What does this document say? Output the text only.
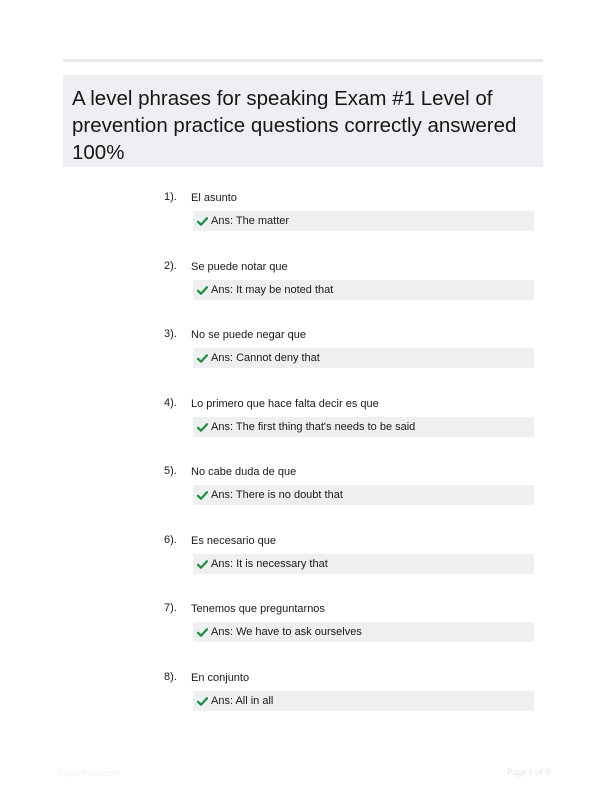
A level phrases for speaking Exam #1 Level of prevention practice questions correctly answered 100%
1). El asunto
Ans: The matter
2). Se puede notar que
Ans: It may be noted that
3). No se puede negar que
Ans: Cannot deny that
4). Lo primero que hace falta decir es que
Ans: The first thing that's needs to be said
5). No cabe duda de que
Ans: There is no doubt that
6). Es necesario que
Ans: It is necessary that
7). Tenemos que preguntarnos
Ans: We have to ask ourselves
8). En conjunto
Ans: All in all
Paperthinc.com	Page 1 of 9
